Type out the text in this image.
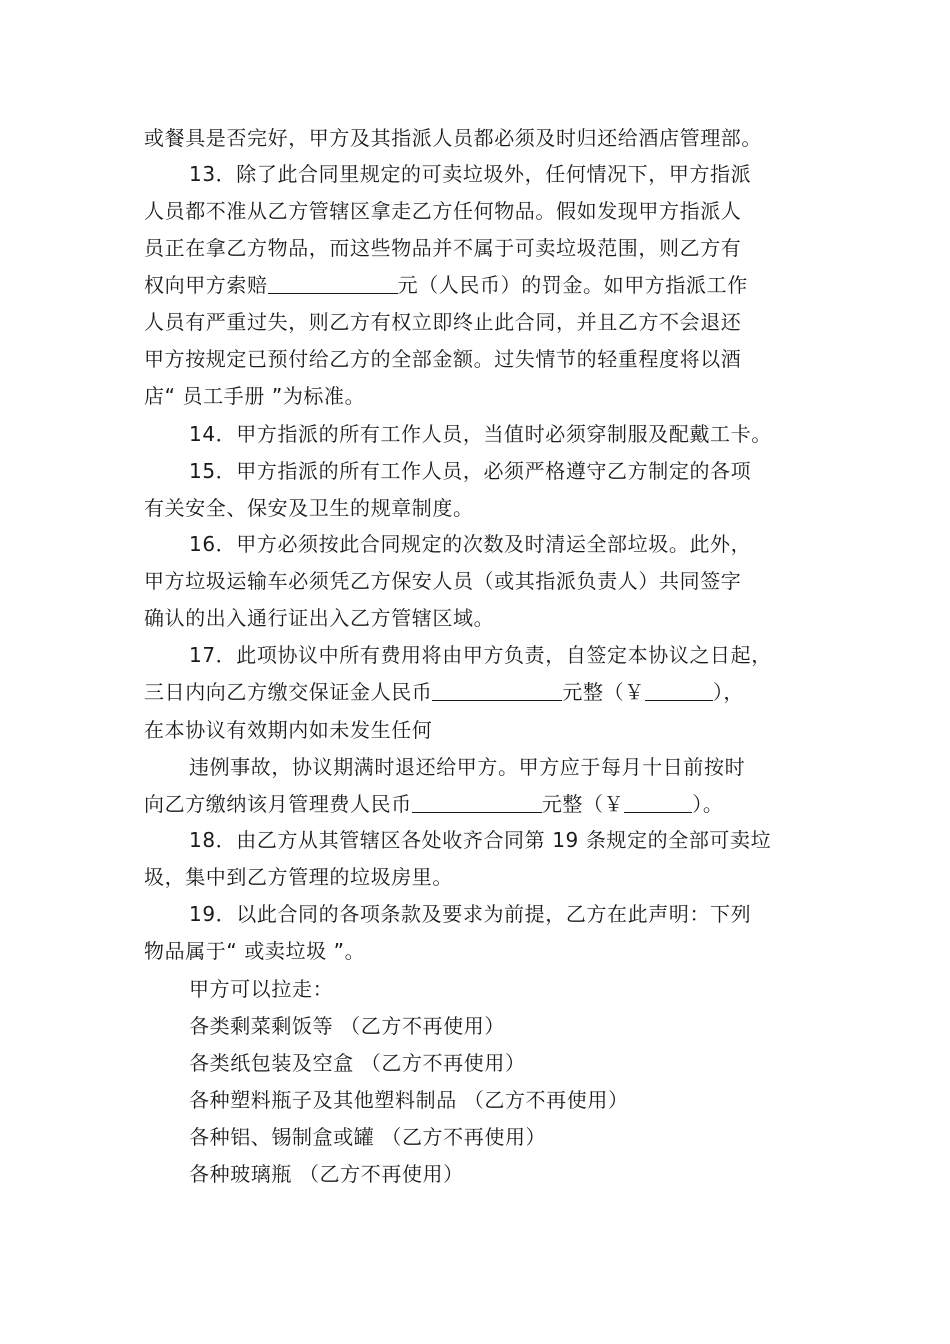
或餐具是否完好，甲方及其指派人员都必须及时归还给酒店管理部。
13．除了此合同里规定的可卖垃圾外，任何情况下，甲方指派
人员都不准从乙方管辖区拿走乙方任何物品。假如发现甲方指派人
员正在拿乙方物品，而这些物品并不属于可卖垃圾范围，则乙方有
权向甲方索赔	元（人民币）的罚金。如甲方指派工作
人员有严重过失，则乙方有权立即终止此合同，并且乙方不会退还
甲方按规定已预付给乙方的全部金额。过失情节的轻重程度将以酒
店“ 员工手册 ”为标准。
14．甲方指派的所有工作人员，当值时必须穿制服及配戴工卡。
15．甲方指派的所有工作人员，必须严格遵守乙方制定的各项
有关安全、保安及卫生的规章制度。
16．甲方必须按此合同规定的次数及时清运全部垃圾。此外，
甲方垃圾运输车必须凭乙方保安人员（或其指派负责人）共同签字
确认的出入通行证出入乙方管辖区域。
17．此项协议中所有费用将由甲方负责，自签定本协议之日起，
三日内向乙方缴交保证金人民币	元整（￥	），
在本协议有效期内如未发生任何
违例事故，协议期满时退还给甲方。甲方应于每月十日前按时
向乙方缴纳该月管理费人民币	元整（￥	）。
18．由乙方从其管辖区各处收齐合同第 19 条规定的全部可卖垃
圾，集中到乙方管理的垃圾房里。
19．以此合同的各项条款及要求为前提，乙方在此声明：下列
物品属于“ 或卖垃圾 ”。
甲方可以拉走：
各类剩菜剩饭等 （乙方不再使用）
各类纸包装及空盒 （乙方不再使用）
各种塑料瓶子及其他塑料制品 （乙方不再使用）
各种铝、锡制盒或罐 （乙方不再使用）
各种玻璃瓶 （乙方不再使用）
